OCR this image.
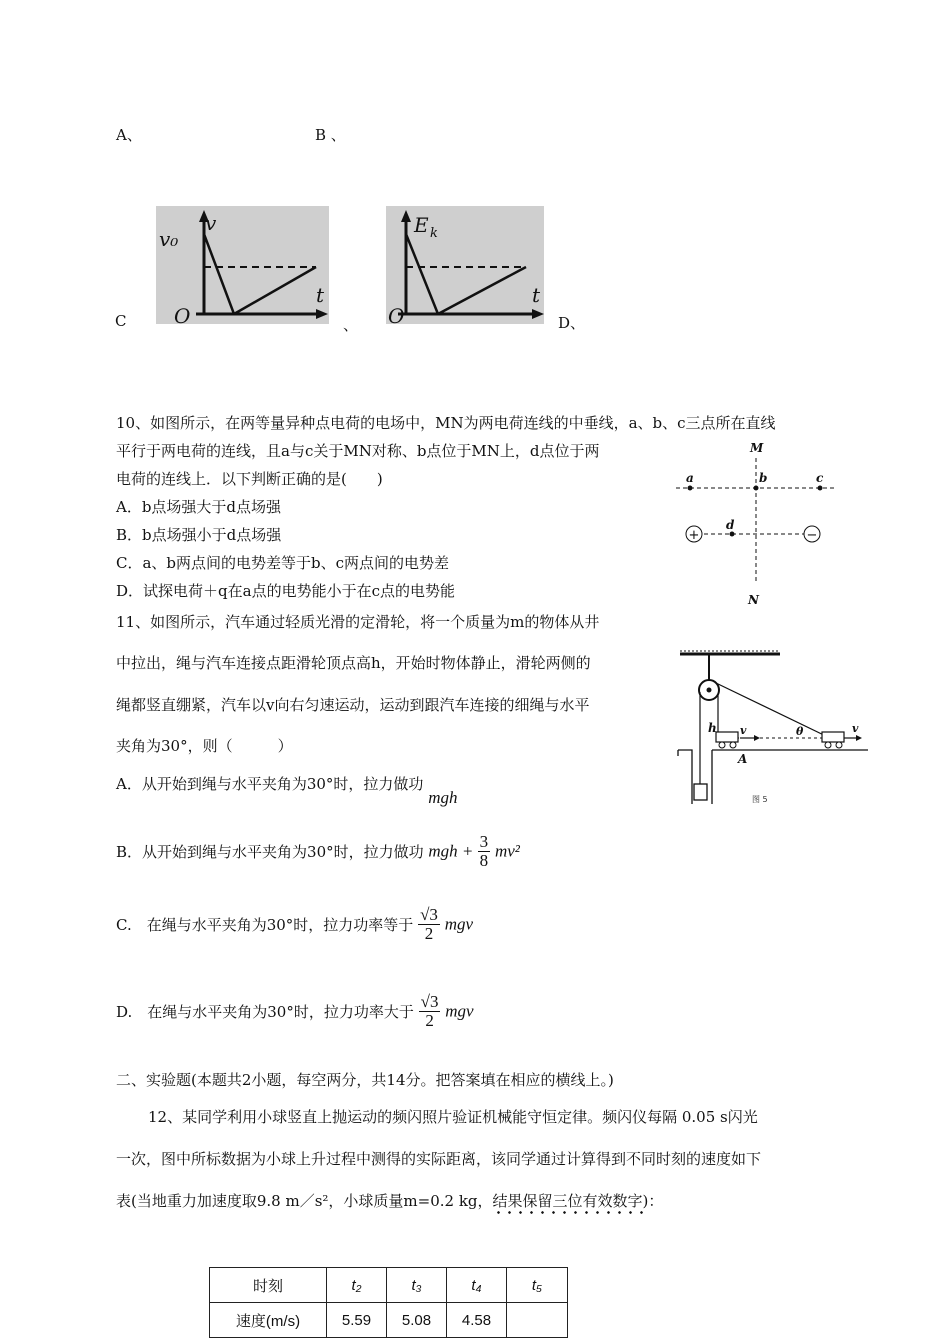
A、	B 、
C	、	D、
v₀
v
O
t
E k
O
t
10、如图所示，在两等量异种点电荷的电场中，MN为两电荷连线的中垂线，a、b、c三点所在直线
平行于两电荷的连线，且a与c关于MN对称、b点位于MN上，d点位于两
电荷的连线上．以下判断正确的是(　　)
A．b点场强大于d点场强
B．b点场强小于d点场强
C．a、b两点间的电势差等于b、c两点间的电势差
D．试探电荷＋q在a点的电势能小于在c点的电势能
+	−
M
N
a	b	c
d
11、如图所示，汽车通过轻质光滑的定滑轮，将一个质量为m的物体从井
中拉出，绳与汽车连接点距滑轮顶点高h，开始时物体静止，滑轮两侧的
绳都竖直绷紧，汽车以v向右匀速运动，运动到跟汽车连接的细绳与水平
夹角为30°，则（　　　）
A．从开始到绳与水平夹角为30°时，拉力做功 mgh
B．从开始到绳与水平夹角为30°时，拉力做功 mgh + $\frac{3}{8} mv^2$
C.　在绳与水平夹角为30°时，拉力功率等于 $\frac{√3}{2}$ mgv
D.　在绳与水平夹角为30°时，拉力功率大于 $\frac{√3}{2}$ mgv
h v	θ	v
A
图 5
二、实验题(本题共2小题，每空两分，共14分。把答案填在相应的横线上。)
12、某同学利用小球竖直上抛运动的频闪照片验证机械能守恒定律。频闪仪每隔 0.05 s闪光
一次，图中所标数据为小球上升过程中测得的实际距离，该同学通过计算得到不同时刻的速度如下
表(当地重力加速度取9.8 m／s²，小球质量m=0.2 kg，结果保留三位有效数字)：
时刻	t₂	t₃	t₄	t₅
速度(m/s)	5.59	5.08	4.58	
